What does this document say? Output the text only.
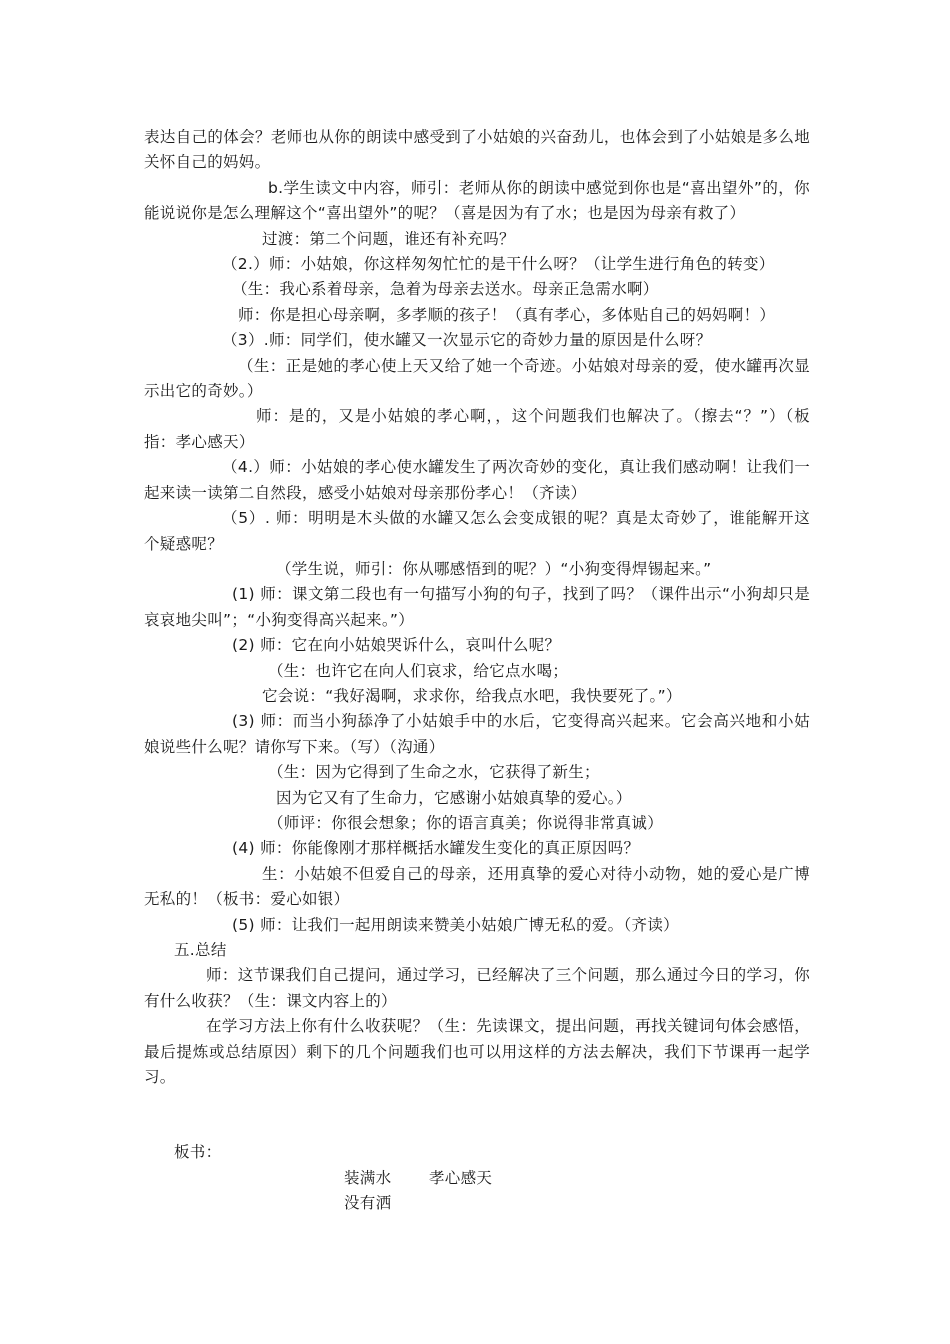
表达自己的体会？老师也从你的朗读中感受到了小姑娘的兴奋劲儿，也体会到了小姑娘是多么地关怀自己的妈妈。

b.学生读文中内容，师引：老师从你的朗读中感觉到你也是“喜出望外”的，你能说说你是怎么理解这个“喜出望外”的呢？（喜是因为有了水；也是因为母亲有救了）

过渡：第二个问题，谁还有补充吗？

（2.）师：小姑娘，你这样匆匆忙忙的是干什么呀？（让学生进行角色的转变）

（生：我心系着母亲，急着为母亲去送水。母亲正急需水啊）

师：你是担心母亲啊，多孝顺的孩子！（真有孝心，多体贴自己的妈妈啊！）

（3）.师：同学们，使水罐又一次显示它的奇妙力量的原因是什么呀？

（生：正是她的孝心使上天又给了她一个奇迹。小姑娘对母亲的爱，使水罐再次显示出它的奇妙。）

师：是的，又是小姑娘的孝心啊，，这个问题我们也解决了。（擦去“？”）（板指：孝心感天）

（4.）师：小姑娘的孝心使水罐发生了两次奇妙的变化，真让我们感动啊！让我们一起来读一读第二自然段，感受小姑娘对母亲那份孝心！（齐读）

（5）. 师：明明是木头做的水罐又怎么会变成银的呢？真是太奇妙了，谁能解开这个疑惑呢？

（学生说，师引：你从哪感悟到的呢？）“小狗变得焊锡起来。”

(1) 师：课文第二段也有一句描写小狗的句子，找到了吗？（课件出示“小狗却只是哀哀地尖叫”；“小狗变得高兴起来。”）

(2) 师：它在向小姑娘哭诉什么，哀叫什么呢？

（生：也许它在向人们哀求，给它点水喝；

它会说：“我好渴啊，求求你，给我点水吧，我快要死了。”）

(3) 师：而当小狗舔净了小姑娘手中的水后，它变得高兴起来。它会高兴地和小姑娘说些什么呢？请你写下来。（写）（沟通）

（生：因为它得到了生命之水，它获得了新生；

因为它又有了生命力，它感谢小姑娘真挚的爱心。）

（师评：你很会想象；你的语言真美；你说得非常真诚）

(4) 师：你能像刚才那样概括水罐发生变化的真正原因吗？

生：小姑娘不但爱自己的母亲，还用真挚的爱心对待小动物，她的爱心是广博无私的！（板书：爱心如银）

(5) 师：让我们一起用朗读来赞美小姑娘广博无私的爱。（齐读）

五.总结

师：这节课我们自己提问，通过学习，已经解决了三个问题，那么通过今日的学习，你有什么收获？（生：课文内容上的）

在学习方法上你有什么收获呢？（生：先读课文，提出问题，再找关键词句体会感悟，最后提炼或总结原因）剩下的几个问题我们也可以用这样的方法去解决，我们下节课再一起学习。

板书：

装满水 孝心感天
没有洒
